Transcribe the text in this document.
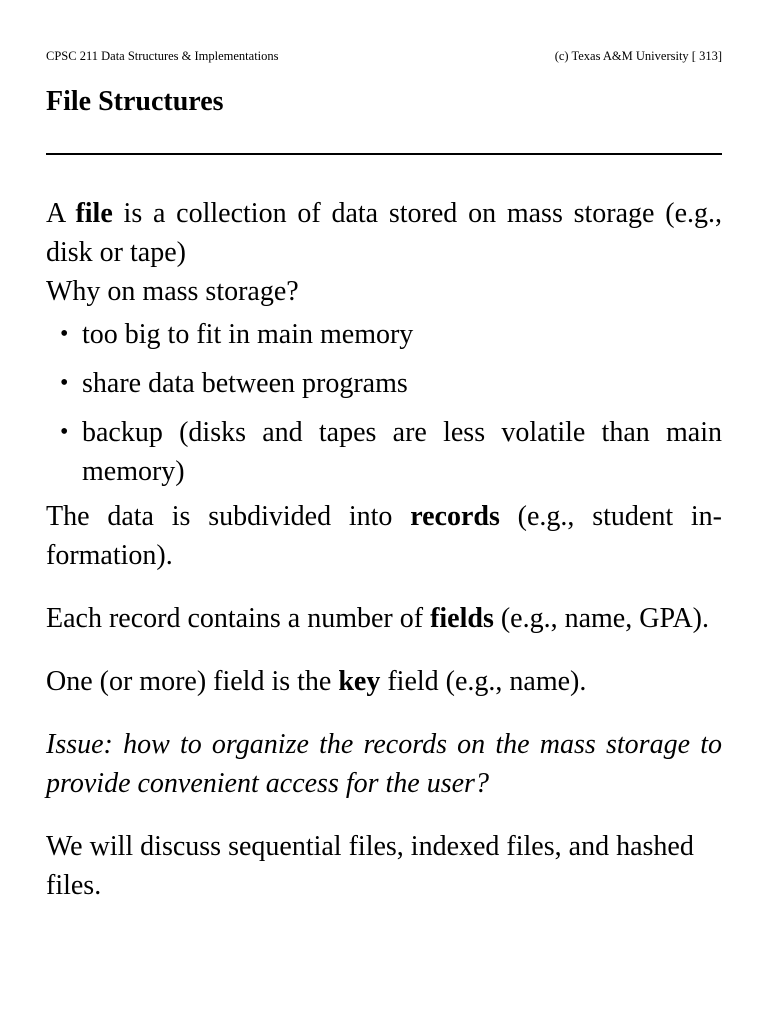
CPSC 211 Data Structures & Implementations	(c) Texas A&M University [ 313]
File Structures

A file is a collection of data stored on mass storage (e.g., disk or tape)

Why on mass storage?

• too big to fit in main memory
• share data between programs
• backup (disks and tapes are less volatile than main memory)

The data is subdivided into records (e.g., student in-formation).

Each record contains a number of fields (e.g., name, GPA).

One (or more) field is the key field (e.g., name).

Issue: how to organize the records on the mass storage to provide convenient access for the user?

We will discuss sequential files, indexed files, and hashed files.
